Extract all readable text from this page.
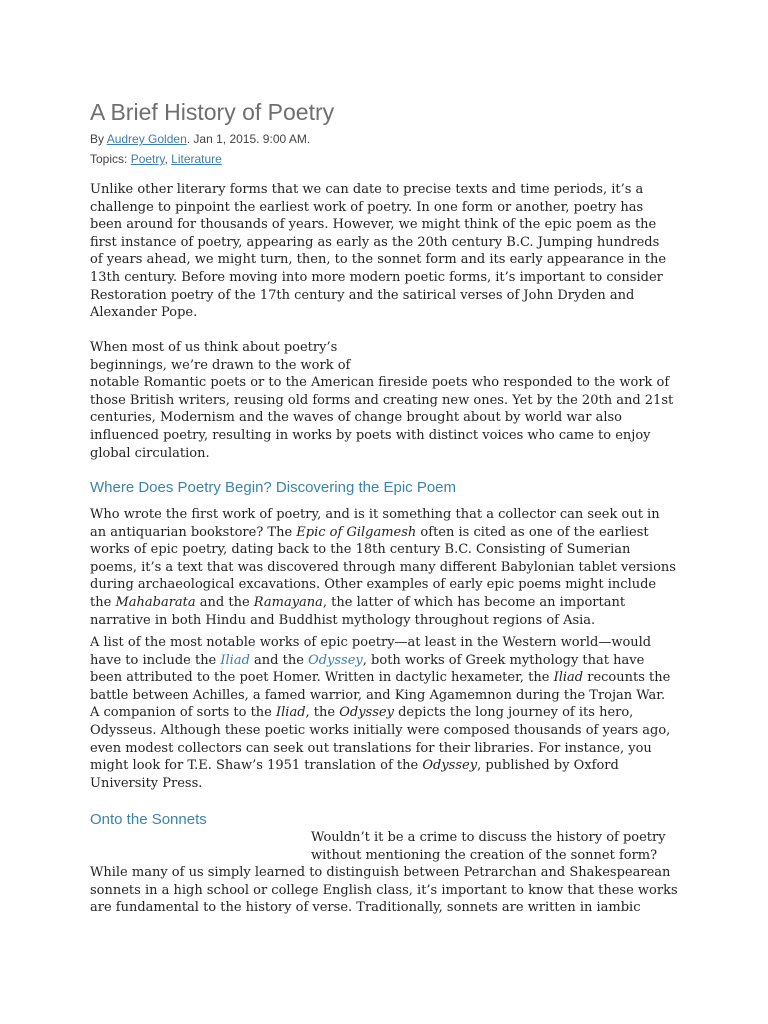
A Brief History of Poetry
By Audrey Golden. Jan 1, 2015. 9:00 AM.
Topics: Poetry, Literature
Unlike other literary forms that we can date to precise texts and time periods, it’s a
challenge to pinpoint the earliest work of poetry. In one form or another, poetry has
been around for thousands of years. However, we might think of the epic poem as the
first instance of poetry, appearing as early as the 20th century B.C. Jumping hundreds
of years ahead, we might turn, then, to the sonnet form and its early appearance in the
13th century. Before moving into more modern poetic forms, it’s important to consider
Restoration poetry of the 17th century and the satirical verses of John Dryden and
Alexander Pope.
When most of us think about poetry’s
beginnings, we’re drawn to the work of
notable Romantic poets or to the American fireside poets who responded to the work of
those British writers, reusing old forms and creating new ones. Yet by the 20th and 21st
centuries, Modernism and the waves of change brought about by world war also
influenced poetry, resulting in works by poets with distinct voices who came to enjoy
global circulation.
Where Does Poetry Begin? Discovering the Epic Poem
Who wrote the first work of poetry, and is it something that a collector can seek out in
an antiquarian bookstore? The Epic of Gilgamesh often is cited as one of the earliest
works of epic poetry, dating back to the 18th century B.C. Consisting of Sumerian
poems, it’s a text that was discovered through many different Babylonian tablet versions
during archaeological excavations. Other examples of early epic poems might include
the Mahabarata and the Ramayana, the latter of which has become an important
narrative in both Hindu and Buddhist mythology throughout regions of Asia.
A list of the most notable works of epic poetry—at least in the Western world—would
have to include the Iliad and the Odyssey, both works of Greek mythology that have
been attributed to the poet Homer. Written in dactylic hexameter, the Iliad recounts the
battle between Achilles, a famed warrior, and King Agamemnon during the Trojan War.
A companion of sorts to the Iliad, the Odyssey depicts the long journey of its hero,
Odysseus. Although these poetic works initially were composed thousands of years ago,
even modest collectors can seek out translations for their libraries. For instance, you
might look for T.E. Shaw’s 1951 translation of the Odyssey, published by Oxford
University Press.
Onto the Sonnets
Wouldn’t it be a crime to discuss the history of poetry
without mentioning the creation of the sonnet form?
While many of us simply learned to distinguish between Petrarchan and Shakespearean
sonnets in a high school or college English class, it’s important to know that these works
are fundamental to the history of verse. Traditionally, sonnets are written in iambic
